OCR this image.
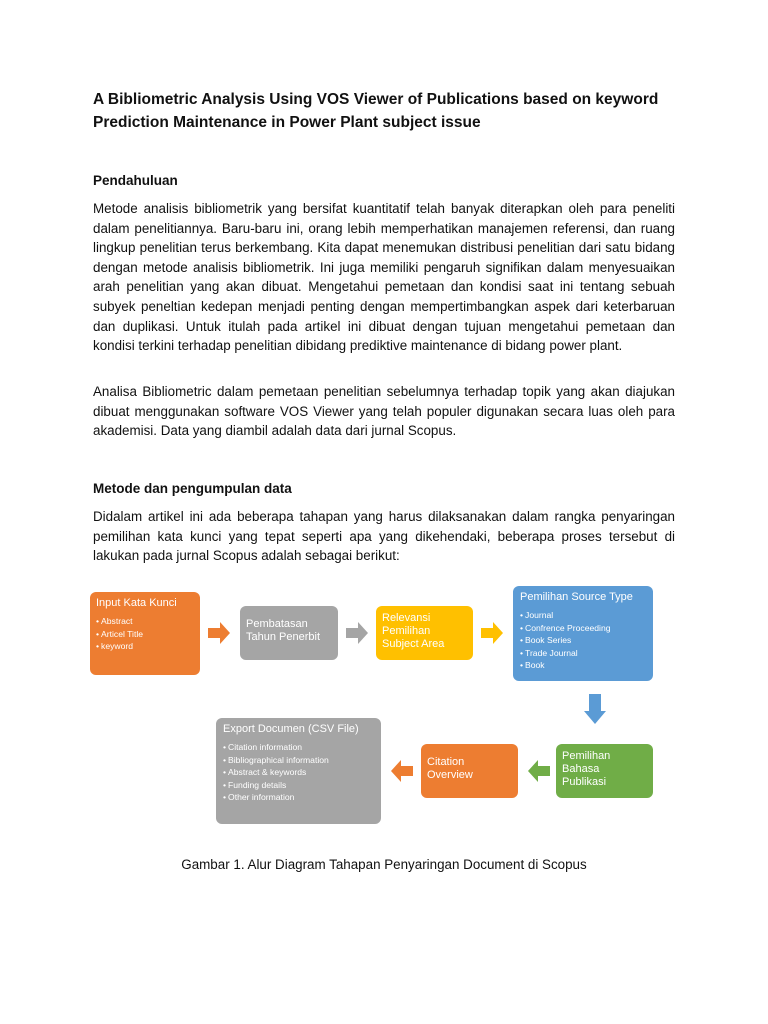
A Bibliometric Analysis Using VOS Viewer of Publications based on keyword Prediction Maintenance in Power Plant subject issue
Pendahuluan

Metode analisis bibliometrik yang bersifat kuantitatif telah banyak diterapkan oleh para peneliti dalam penelitiannya. Baru-baru ini, orang lebih memperhatikan manajemen referensi, dan ruang lingkup penelitian terus berkembang. Kita dapat menemukan distribusi penelitian dari satu bidang dengan metode analisis bibliometrik. Ini juga memiliki pengaruh signifikan dalam menyesuaikan arah penelitian yang akan dibuat. Mengetahui pemetaan dan kondisi saat ini tentang sebuah subyek peneltian kedepan menjadi penting dengan mempertimbangkan aspek dari keterbaruan dan duplikasi. Untuk itulah pada artikel ini dibuat dengan tujuan mengetahui pemetaan dan kondisi terkini terhadap penelitian dibidang prediktive maintenance di bidang power plant.

Analisa Bibliometric dalam pemetaan penelitian sebelumnya terhadap topik yang akan diajukan dibuat menggunakan software VOS Viewer yang telah populer digunakan secara luas oleh para akademisi. Data yang diambil adalah data dari jurnal Scopus.

Metode dan pengumpulan data

Didalam artikel ini ada beberapa tahapan yang harus dilaksanakan dalam rangka penyaringan pemilihan kata kunci yang tepat seperti apa yang dikehendaki, beberapa proses tersebut di lakukan pada jurnal Scopus adalah sebagai berikut:

Input Kata Kunci
• Abstract
• Articel Title
• keyword
Pembatasan
Tahun Penerbit
Relevansi
Pemilihan
Subject Area
Pemilihan Source Type
• Journal
• Confrence Proceeding
• Book Series
• Trade Journal
• Book
Pemilihan
Bahasa
Publikasi
Citation
Overview
Export Documen (CSV File)
• Citation information
• Bibliographical information
• Abstract & keywords
• Funding details
• Other information

Gambar 1. Alur Diagram Tahapan Penyaringan Document di Scopus
